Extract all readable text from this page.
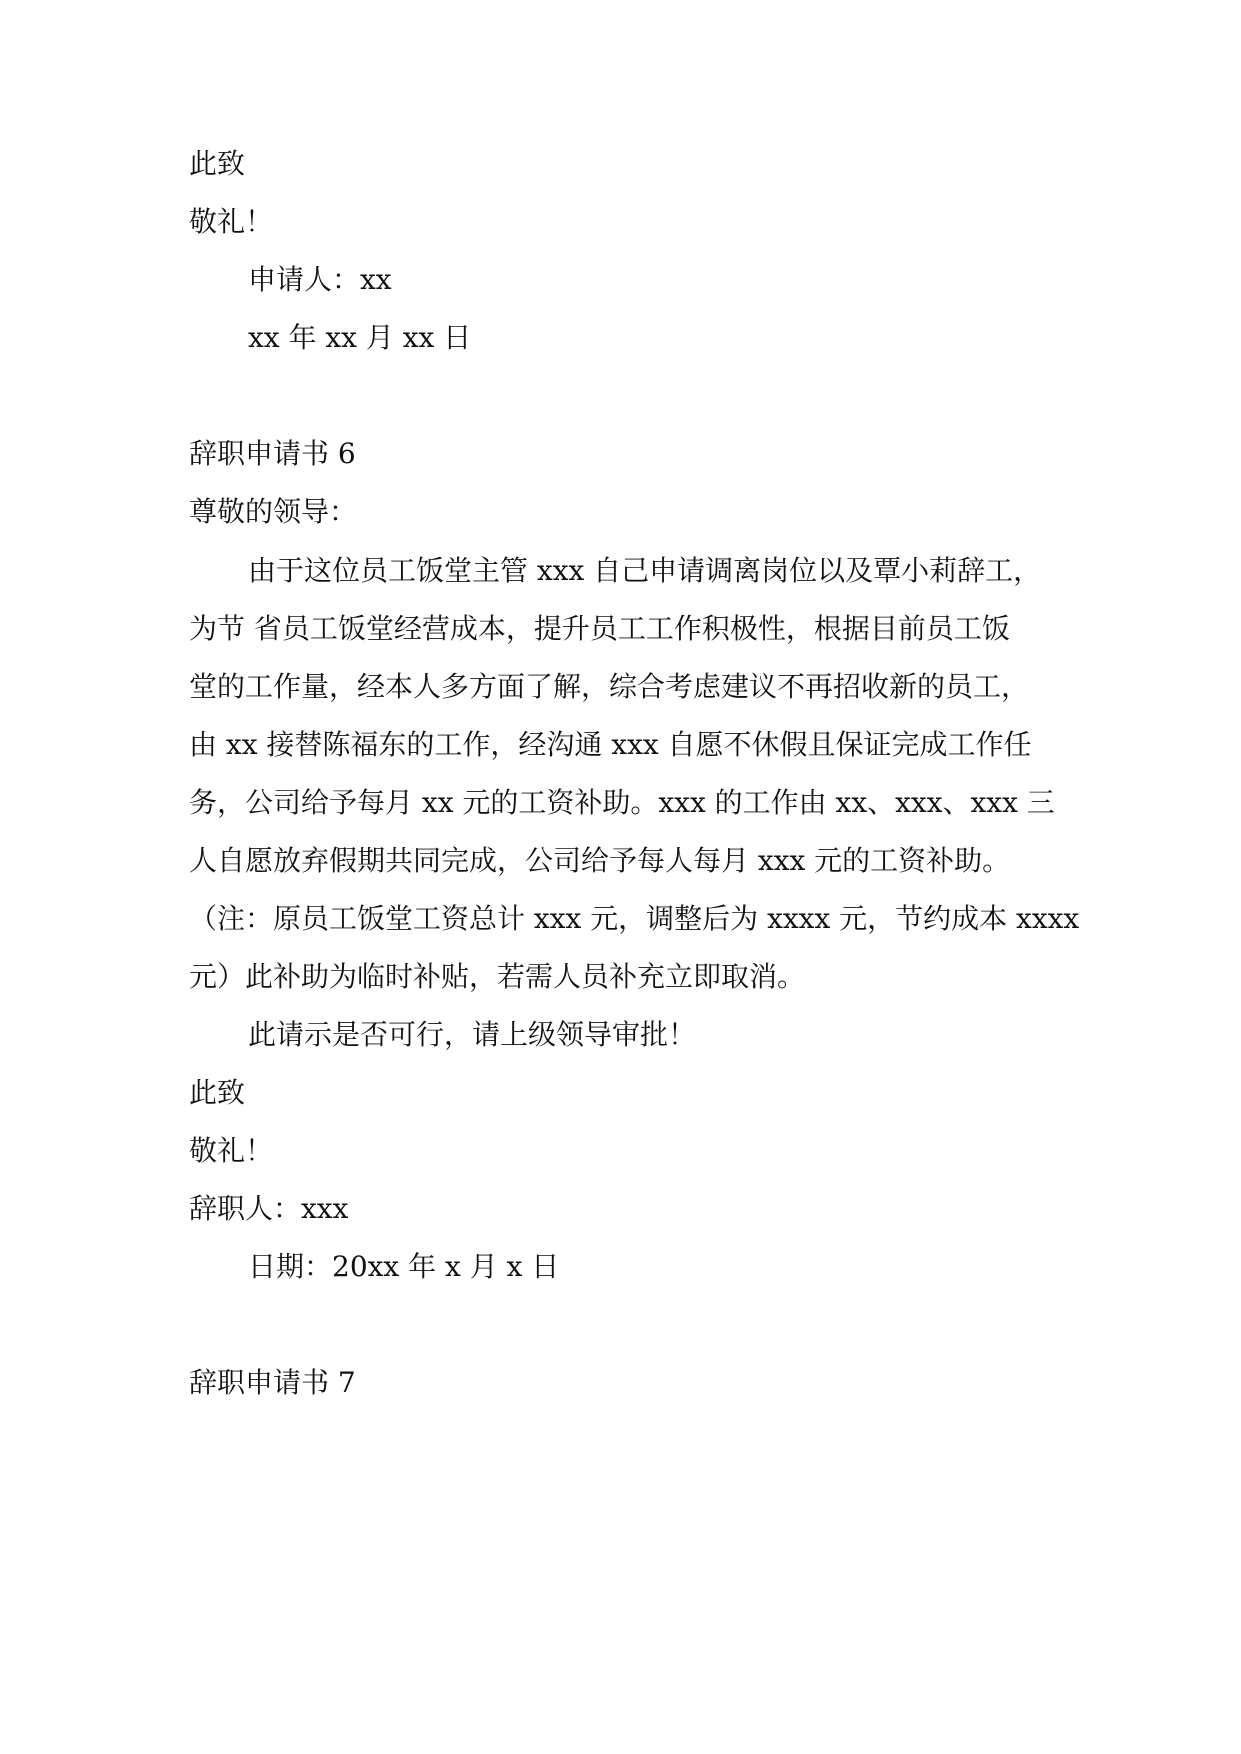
此致
敬礼！
申请人：xx
xx 年 xx 月 xx 日
辞职申请书 6
尊敬的领导：
由于这位员工饭堂主管 xxx 自己申请调离岗位以及覃小莉辞工，
为节 省员工饭堂经营成本，提升员工工作积极性，根据目前员工饭
堂的工作量，经本人多方面了解，综合考虑建议不再招收新的员工，
由 xx 接替陈福东的工作，经沟通 xxx 自愿不休假且保证完成工作任
务，公司给予每月 xx 元的工资补助。xxx 的工作由 xx、xxx、xxx 三
人自愿放弃假期共同完成，公司给予每人每月 xxx 元的工资补助。
（注：原员工饭堂工资总计 xxx 元，调整后为 xxxx 元，节约成本 xxxx
元）此补助为临时补贴，若需人员补充立即取消。
此请示是否可行，请上级领导审批！
此致
敬礼！
辞职人：xxx
日期：20xx 年 x 月 x 日
辞职申请书 7
